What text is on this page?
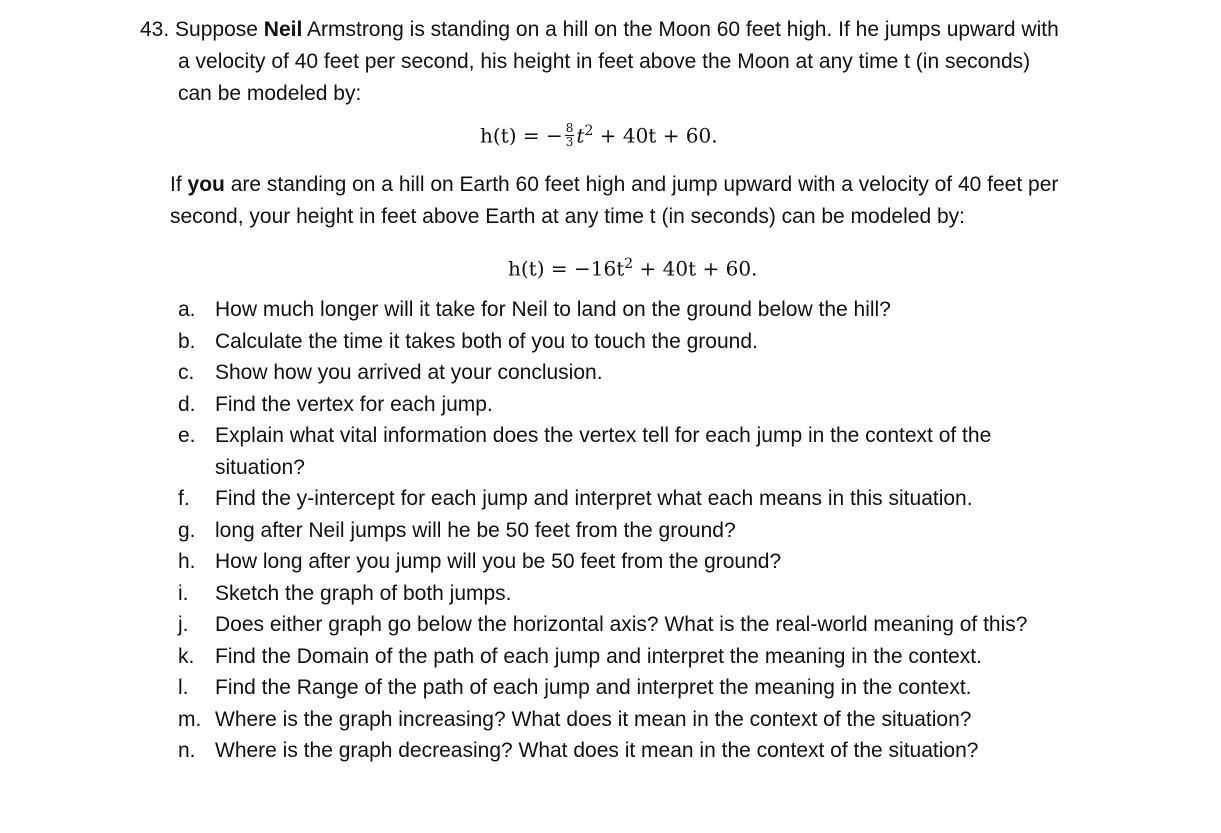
43. Suppose Neil Armstrong is standing on a hill on the Moon 60 feet high. If he jumps upward with
a velocity of 40 feet per second, his height in feet above the Moon at any time t (in seconds)
can be modeled by:
h(t) = − $\frac{8}{3} t^2 + 40t + 60$.
If you are standing on a hill on Earth 60 feet high and jump upward with a velocity of 40 feet per
second, your height in feet above Earth at any time t (in seconds) can be modeled by:
$h(t) = -16t^2 + 40t + 60$.
a. How much longer will it take for Neil to land on the ground below the hill?
b. Calculate the time it takes both of you to touch the ground.
c. Show how you arrived at your conclusion.
d. Find the vertex for each jump.
e. Explain what vital information does the vertex tell for each jump in the context of the
situation?
f. Find the y-intercept for each jump and interpret what each means in this situation.
g. long after Neil jumps will he be 50 feet from the ground?
h. How long after you jump will you be 50 feet from the ground?
i. Sketch the graph of both jumps.
j. Does either graph go below the horizontal axis? What is the real-world meaning of this?
k. Find the Domain of the path of each jump and interpret the meaning in the context.
l. Find the Range of the path of each jump and interpret the meaning in the context.
m. Where is the graph increasing? What does it mean in the context of the situation?
n. Where is the graph decreasing? What does it mean in the context of the situation?
